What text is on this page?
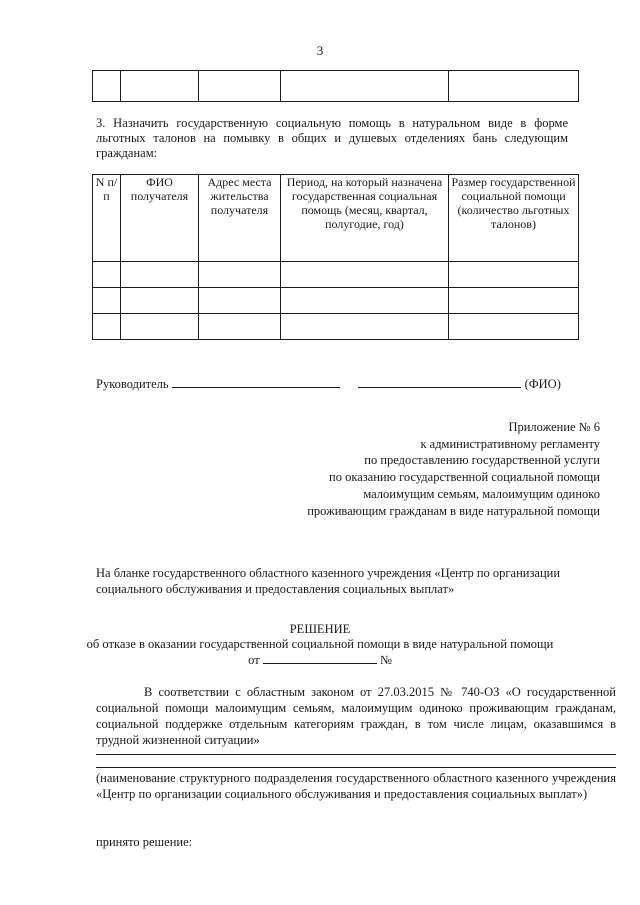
3

3. Назначить государственную социальную помощь в натуральном виде в форме льготных талонов на помывку в общих и душевых отделениях бань следующим гражданам:
N п/п	ФИО получателя	Адрес места жительства получателя	Период, на который назначена государственная социальная помощь (месяц, квартал, полугодие, год)	Размер государственной социальной помощи (количество льготных талонов)

Руководитель	(ФИО)
Приложение № 6
к административному регламенту
по предоставлению государственной услуги
по оказанию государственной социальной помощи
малоимущим семьям, малоимущим одиноко
проживающим гражданам в виде натуральной помощи
На бланке государственного областного казенного учреждения «Центр по организации социального обслуживания и предоставления социальных выплат»
РЕШЕНИЕ
об отказе в оказании государственной социальной помощи в виде натуральной помощи
от	№
В соответствии с областным законом от 27.03.2015 № 740-ОЗ «О государственной социальной помощи малоимущим семьям, малоимущим одиноко проживающим гражданам, социальной поддержке отдельным категориям граждан, в том числе лицам, оказавшимся в трудной жизненной ситуации»
(наименование структурного подразделения государственного областного казенного учреждения «Центр по организации социального обслуживания и предоставления социальных выплат»)
принято решение:
